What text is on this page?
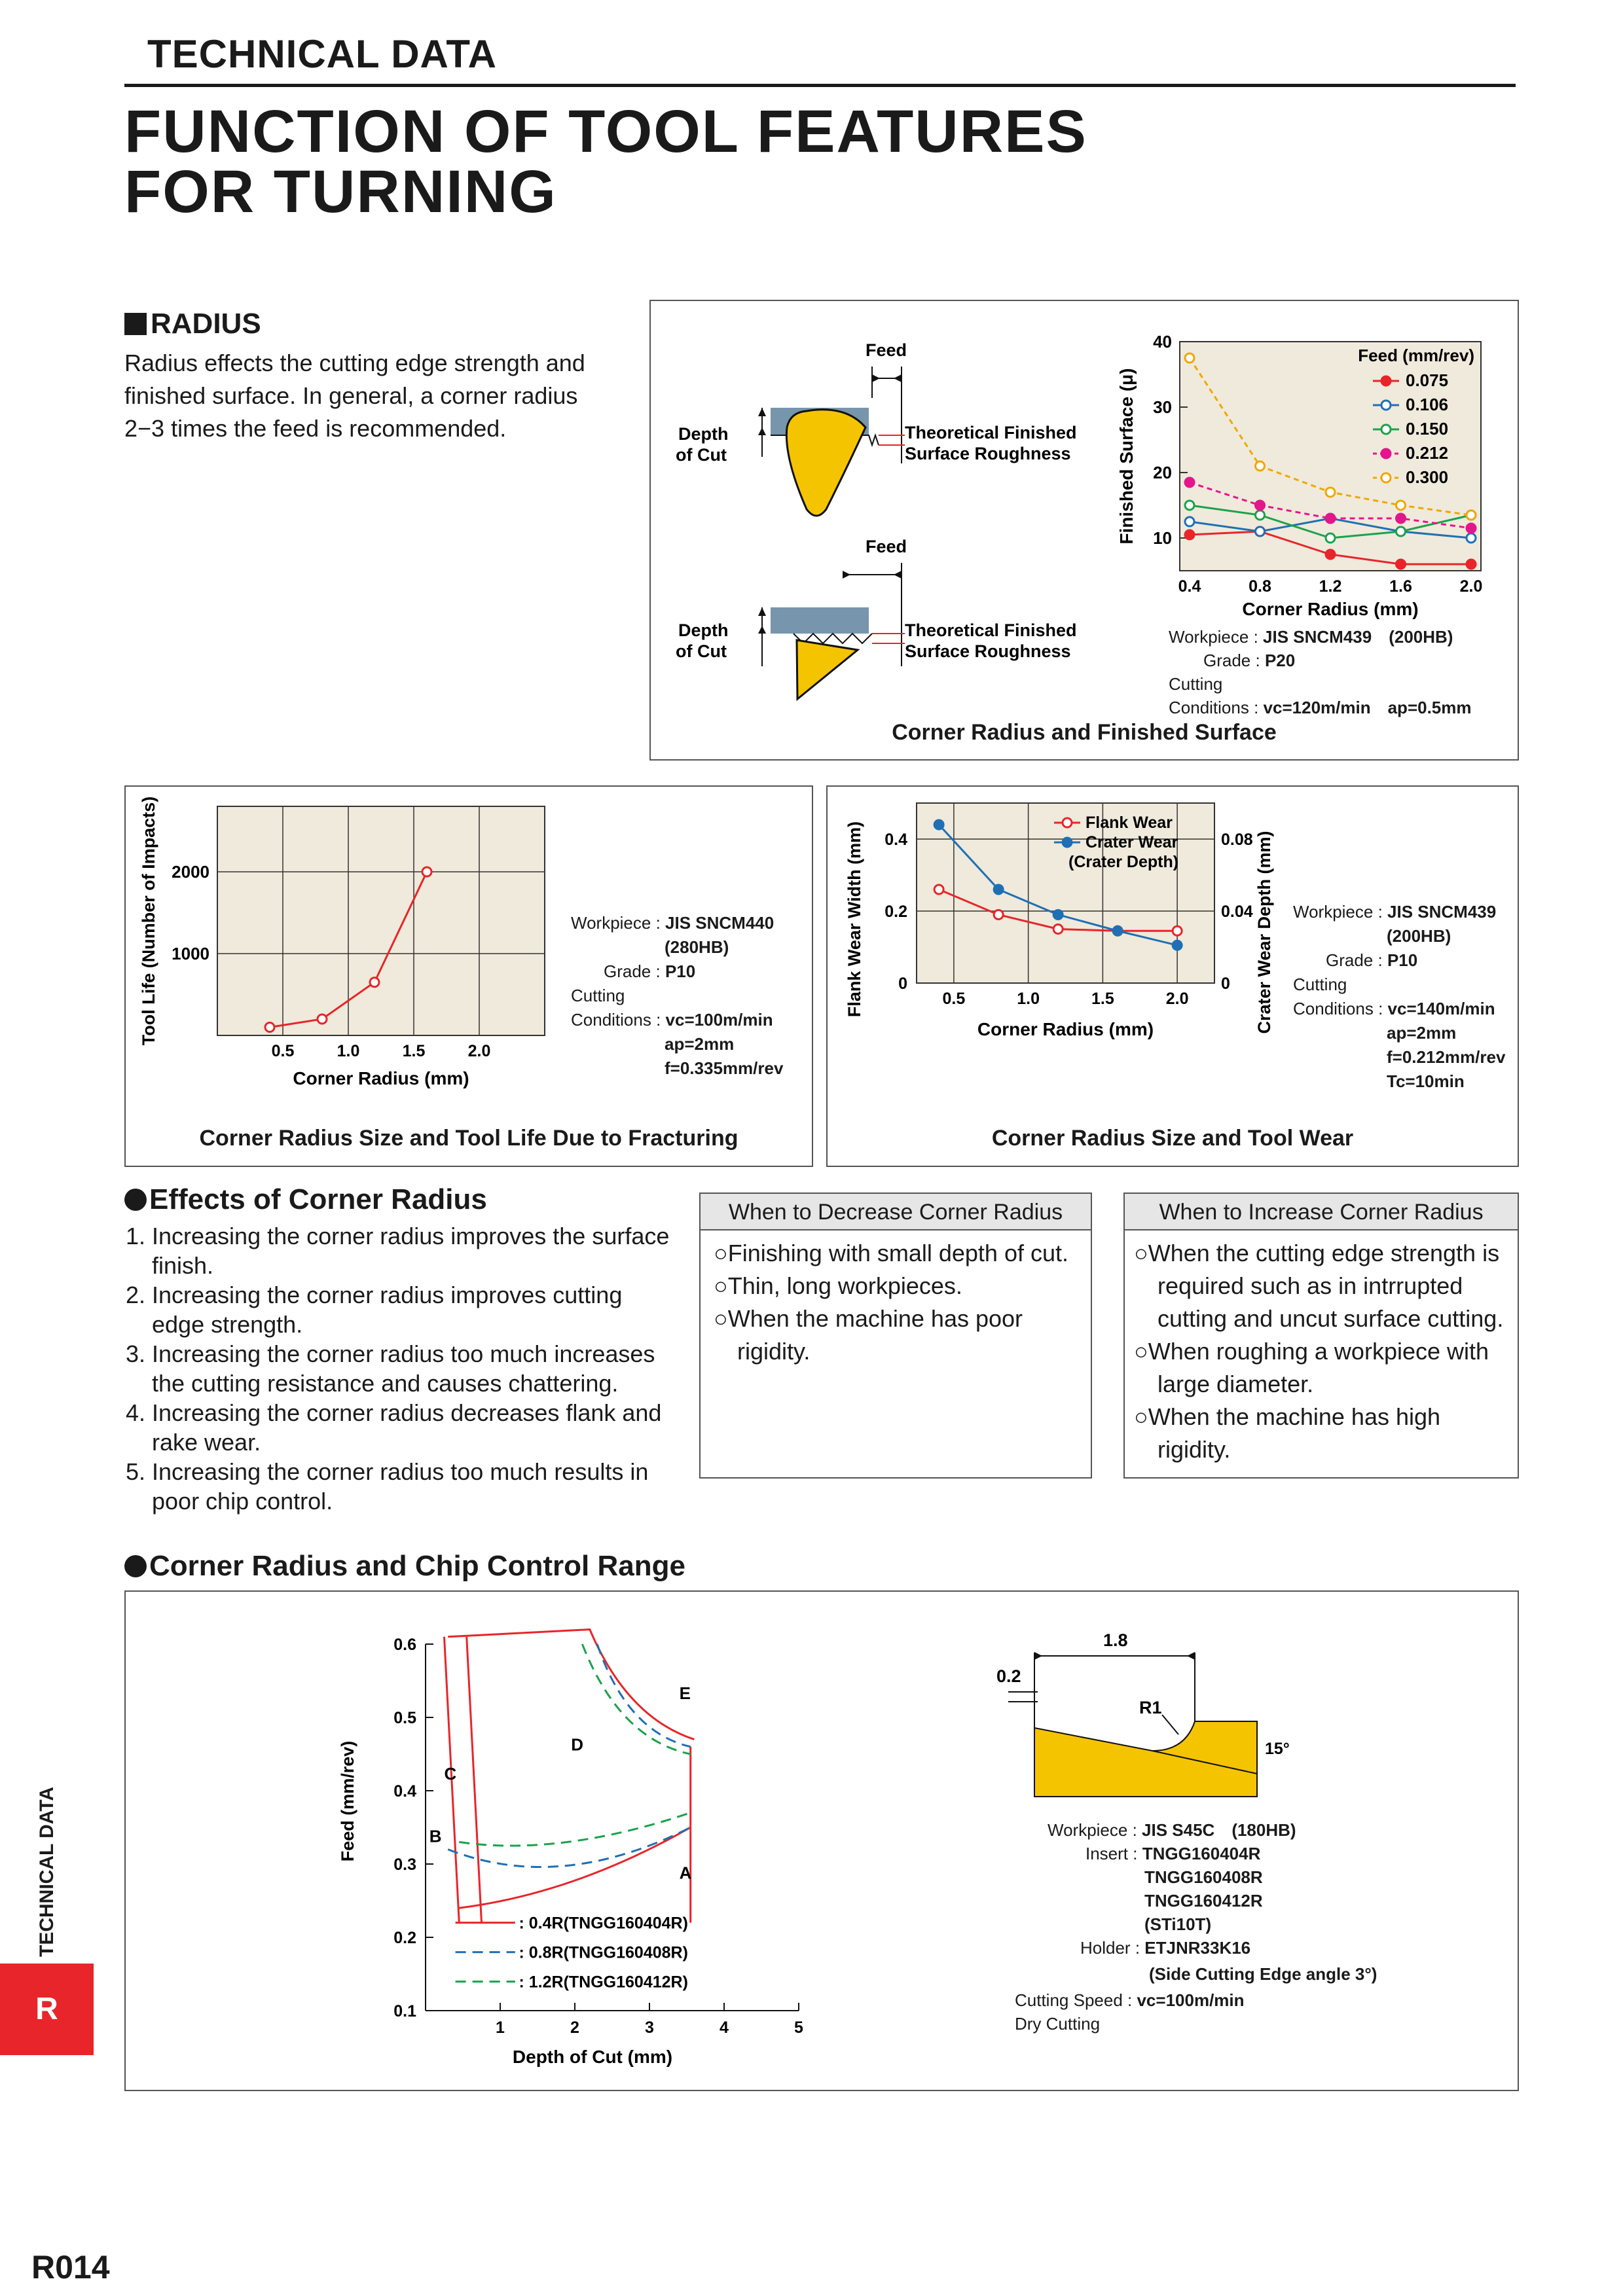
TECHNICAL DATA
FUNCTION OF TOOL FEATURES
FOR TURNING
RADIUS
Radius effects the cutting edge strength and
finished surface. In general, a corner radius
2−3 times the feed is recommended.
Feed
Depth
of Cut
Theoretical Finished
Surface Roughness
Feed
Depth
of Cut
Theoretical Finished
Surface Roughness
10
20
30
40
0.4	0.8	1.2	1.6	2.0
Corner Radius (mm)
Finished Surface (μ)
Feed (mm/rev)
0.075
0.106
0.150
0.212
0.300
Workpiece : JIS SNCM439　(200HB)
Grade : P20
Cutting
Conditions : vc=120m/min　ap=0.5mm
Corner Radius and Finished Surface
1000
2000
0.5	1.0	1.5	2.0
Corner Radius (mm)
Tool Life (Number of Impacts)	Workpiece : JIS SNCM440
(280HB)
Grade : P10
Cutting
Conditions : vc=100m/min
ap=2mm
f=0.335mm/rev
Corner Radius Size and Tool Life Due to Fracturing
0
0.2
0.4
0
0.04
0.08
0.5	1.0	1.5	2.0
Corner Radius (mm)
Flank Wear Width (mm)	Crater Wear Depth (mm)
Flank Wear
Crater Wear
(Crater Depth)
Workpiece : JIS SNCM439
(200HB)
Grade : P10
Cutting
Conditions : vc=140m/min
ap=2mm
f=0.212mm/rev
Tc=10min
Corner Radius Size and Tool Wear
Effects of Corner Radius
1. Increasing the corner radius improves the surface finish.
2. Increasing the corner radius improves cutting edge strength.
3. Increasing the corner radius too much increases the cutting resistance and causes chattering.
4. Increasing the corner radius decreases flank and rake wear.
5. Increasing the corner radius too much results in poor chip control.
When to Decrease Corner Radius
○Finishing with small depth of cut.
○Thin, long workpieces.
○When the machine has poor rigidity.
When to Increase Corner Radius
○When the cutting edge strength is required such as in intrrupted cutting and uncut surface cutting.
○When roughing a workpiece with large diameter.
○When the machine has high rigidity.
Corner Radius and Chip Control Range
0.1
0.2
0.3
0.4
0.5
0.6
1	2	3	4	5
Depth of Cut (mm)
Feed (mm/rev)
A
B
C
D
E
: 0.4R(TNGG160404R)
: 0.8R(TNGG160408R)
: 1.2R(TNGG160412R)
1.8
0.2
15°
R1
Workpiece : JIS S45C　(180HB)
Insert : TNGG160404R
TNGG160408R
TNGG160412R
(STi10T)
Holder : ETJNR33K16
(Side Cutting Edge angle 3°)
Cutting Speed : vc=100m/min
Dry Cutting
TECHNICAL DATA
R
R014
